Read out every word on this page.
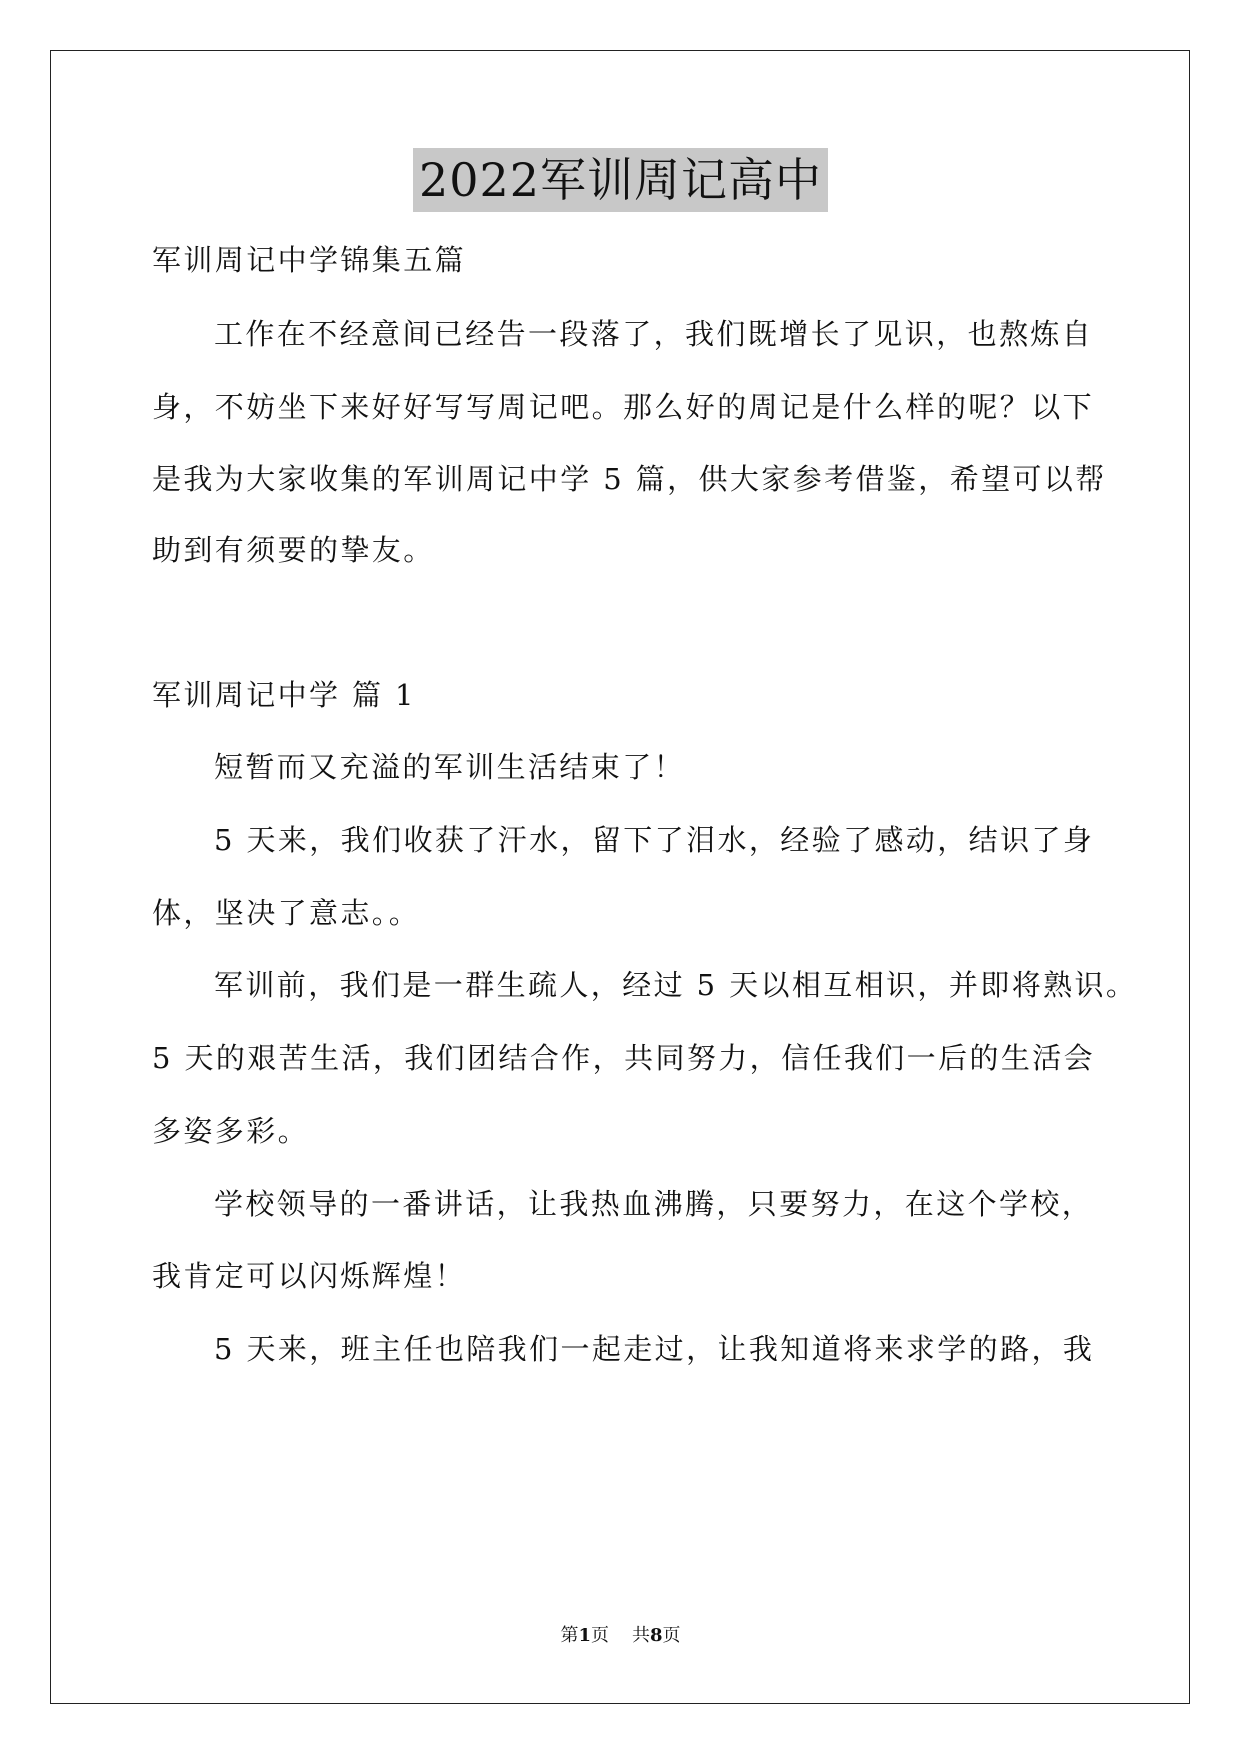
2022军训周记高中
军训周记中学锦集五篇
工作在不经意间已经告一段落了，我们既增长了见识，也熬炼自
身，不妨坐下来好好写写周记吧。那么好的周记是什么样的呢？以下
是我为大家收集的军训周记中学 5 篇，供大家参考借鉴，希望可以帮
助到有须要的挚友。
军训周记中学 篇 1
短暂而又充溢的军训生活结束了！
5 天来，我们收获了汗水，留下了泪水，经验了感动，结识了身
体，坚决了意志。。
军训前，我们是一群生疏人，经过 5 天以相互相识，并即将熟识。
5 天的艰苦生活，我们团结合作，共同努力，信任我们一后的生活会
多姿多彩。
学校领导的一番讲话，让我热血沸腾，只要努力，在这个学校，
我肯定可以闪烁辉煌！
5 天来，班主任也陪我们一起走过，让我知道将来求学的路，我
第1页 共8页
